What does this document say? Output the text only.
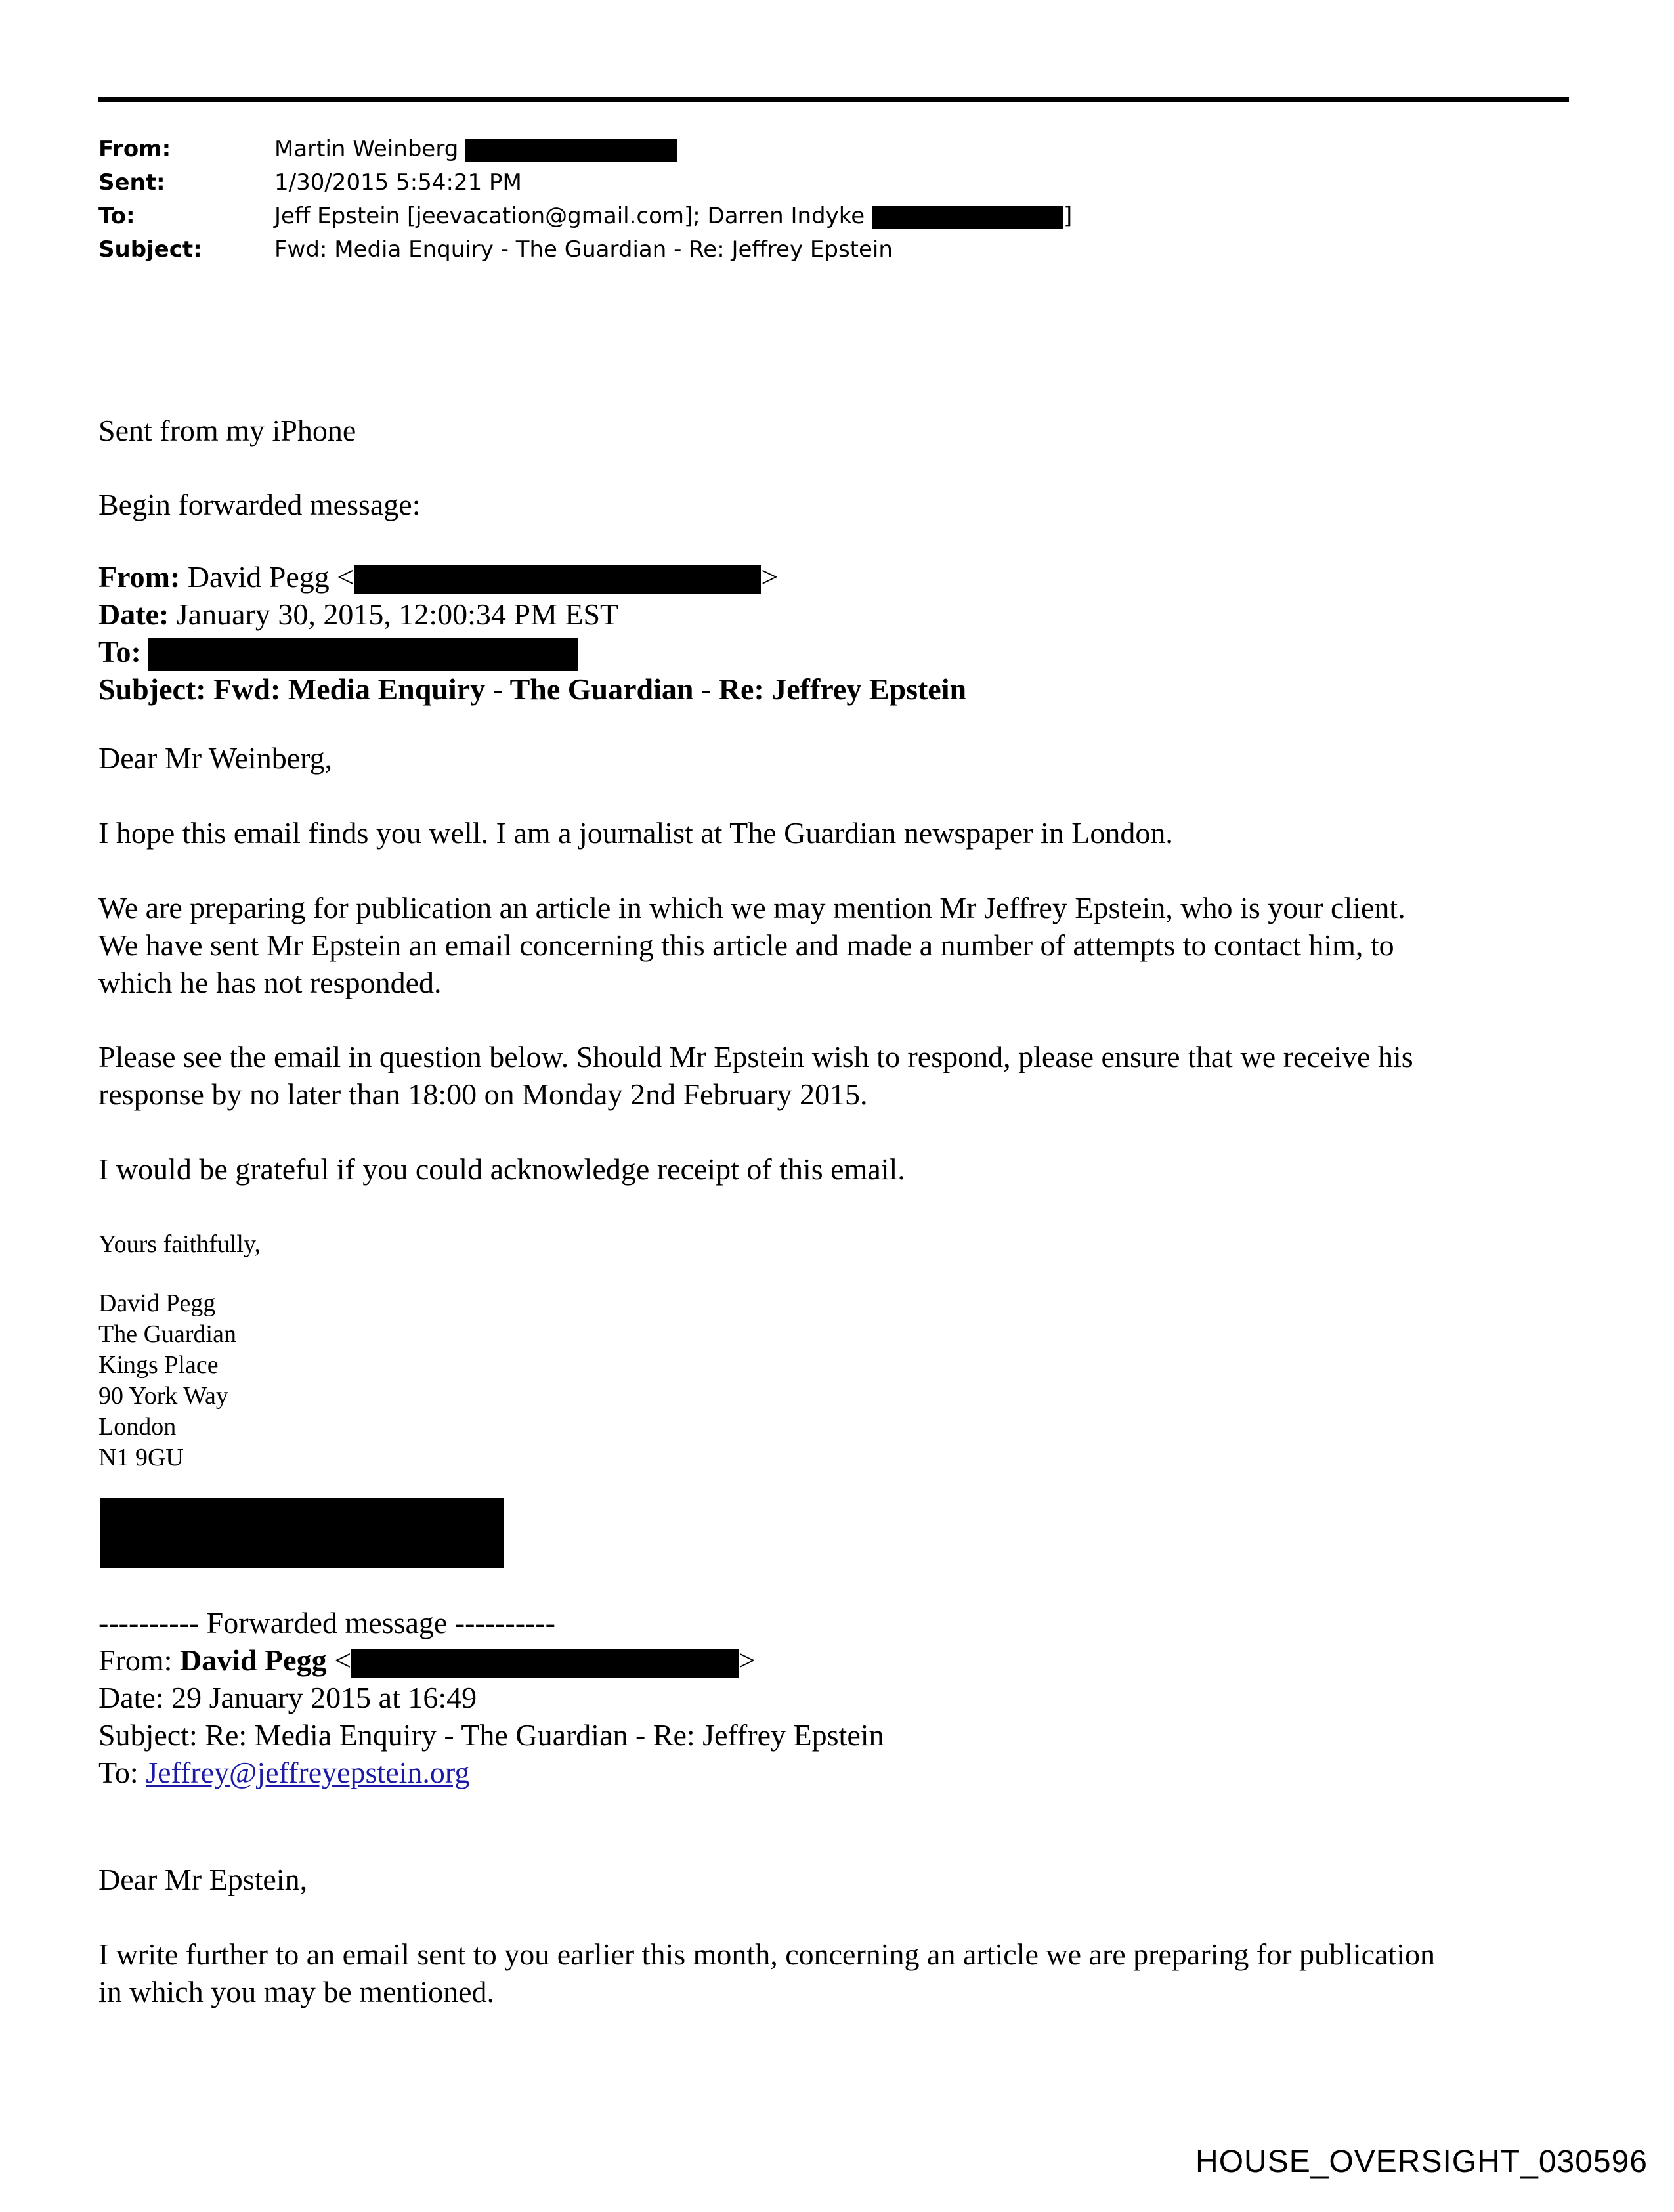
From:	Martin Weinberg
Sent:	1/30/2015 5:54:21 PM
To:	Jeff Epstein [jeevacation@gmail.com]; Darren Indyke	]
Subject:	Fwd: Media Enquiry - The Guardian - Re: Jeffrey Epstein
Sent from my iPhone
Begin forwarded message:
From: David Pegg <	>
Date: January 30, 2015, 12:00:34 PM EST
To:
Subject: Fwd: Media Enquiry - The Guardian - Re: Jeffrey Epstein
Dear Mr Weinberg,
I hope this email finds you well. I am a journalist at The Guardian newspaper in London.
We are preparing for publication an article in which we may mention Mr Jeffrey Epstein, who is your client.
We have sent Mr Epstein an email concerning this article and made a number of attempts to contact him, to
which he has not responded.
Please see the email in question below. Should Mr Epstein wish to respond, please ensure that we receive his
response by no later than 18:00 on Monday 2nd February 2015.
I would be grateful if you could acknowledge receipt of this email.
Yours faithfully,
David Pegg
The Guardian
Kings Place
90 York Way
London
N1 9GU
---------- Forwarded message ----------
From: David Pegg <	>
Date: 29 January 2015 at 16:49
Subject: Re: Media Enquiry - The Guardian - Re: Jeffrey Epstein
To: Jeffrey@jeffreyepstein.org
Dear Mr Epstein,
I write further to an email sent to you earlier this month, concerning an article we are preparing for publication
in which you may be mentioned.
HOUSE_OVERSIGHT_030596
